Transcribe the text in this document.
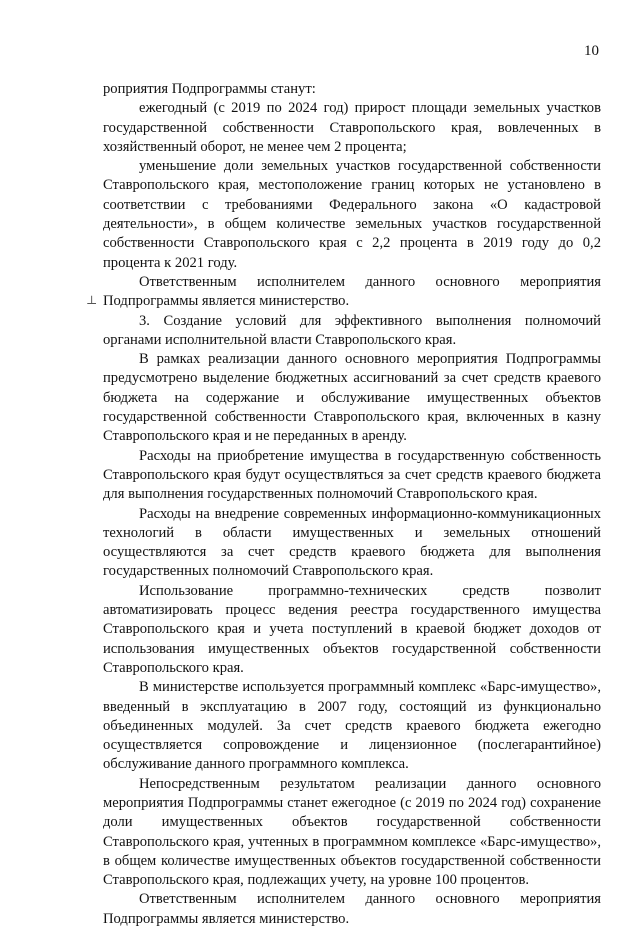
10
⊥

роприятия Подпрограммы станут:

ежегодный (с 2019 по 2024 год) прирост площади земельных участков государственной собственности Ставропольского края, вовлеченных в хозяйственный оборот, не менее чем 2 процента;

уменьшение доли земельных участков государственной собственности Ставропольского края, местоположение границ которых не установлено в соответствии с требованиями Федерального закона «О кадастровой деятельности», в общем количестве земельных участков государственной собственности Ставропольского края с 2,2 процента в 2019 году до 0,2 процента к 2021 году.

Ответственным исполнителем данного основного мероприятия Подпрограммы является министерство.

3. Создание условий для эффективного выполнения полномочий органами исполнительной власти Ставропольского края.

В рамках реализации данного основного мероприятия Подпрограммы предусмотрено выделение бюджетных ассигнований за счет средств краевого бюджета на содержание и обслуживание имущественных объектов государственной собственности Ставропольского края, включенных в казну Ставропольского края и не переданных в аренду.

Расходы на приобретение имущества в государственную собственность Ставропольского края будут осуществляться за счет средств краевого бюджета для выполнения государственных полномочий Ставропольского края.

Расходы на внедрение современных информационно-коммуникационных технологий в области имущественных и земельных отношений осуществляются за счет средств краевого бюджета для выполнения государственных полномочий Ставропольского края.

Использование программно-технических средств позволит автоматизировать процесс ведения реестра государственного имущества Ставропольского края и учета поступлений в краевой бюджет доходов от использования имущественных объектов государственной собственности Ставропольского края.

В министерстве используется программный комплекс «Барс-имущество», введенный в эксплуатацию в 2007 году, состоящий из функционально объединенных модулей. За счет средств краевого бюджета ежегодно осуществляется сопровождение и лицензионное (послегарантийное) обслуживание данного программного комплекса.

Непосредственным результатом реализации данного основного мероприятия Подпрограммы станет ежегодное (с 2019 по 2024 год) сохранение доли имущественных объектов государственной собственности Ставропольского края, учтенных в программном комплексе «Барс-имущество», в общем количестве имущественных объектов государственной собственности Ставропольского края, подлежащих учету, на уровне 100 процентов.

Ответственным исполнителем данного основного мероприятия Подпрограммы является министерство.
